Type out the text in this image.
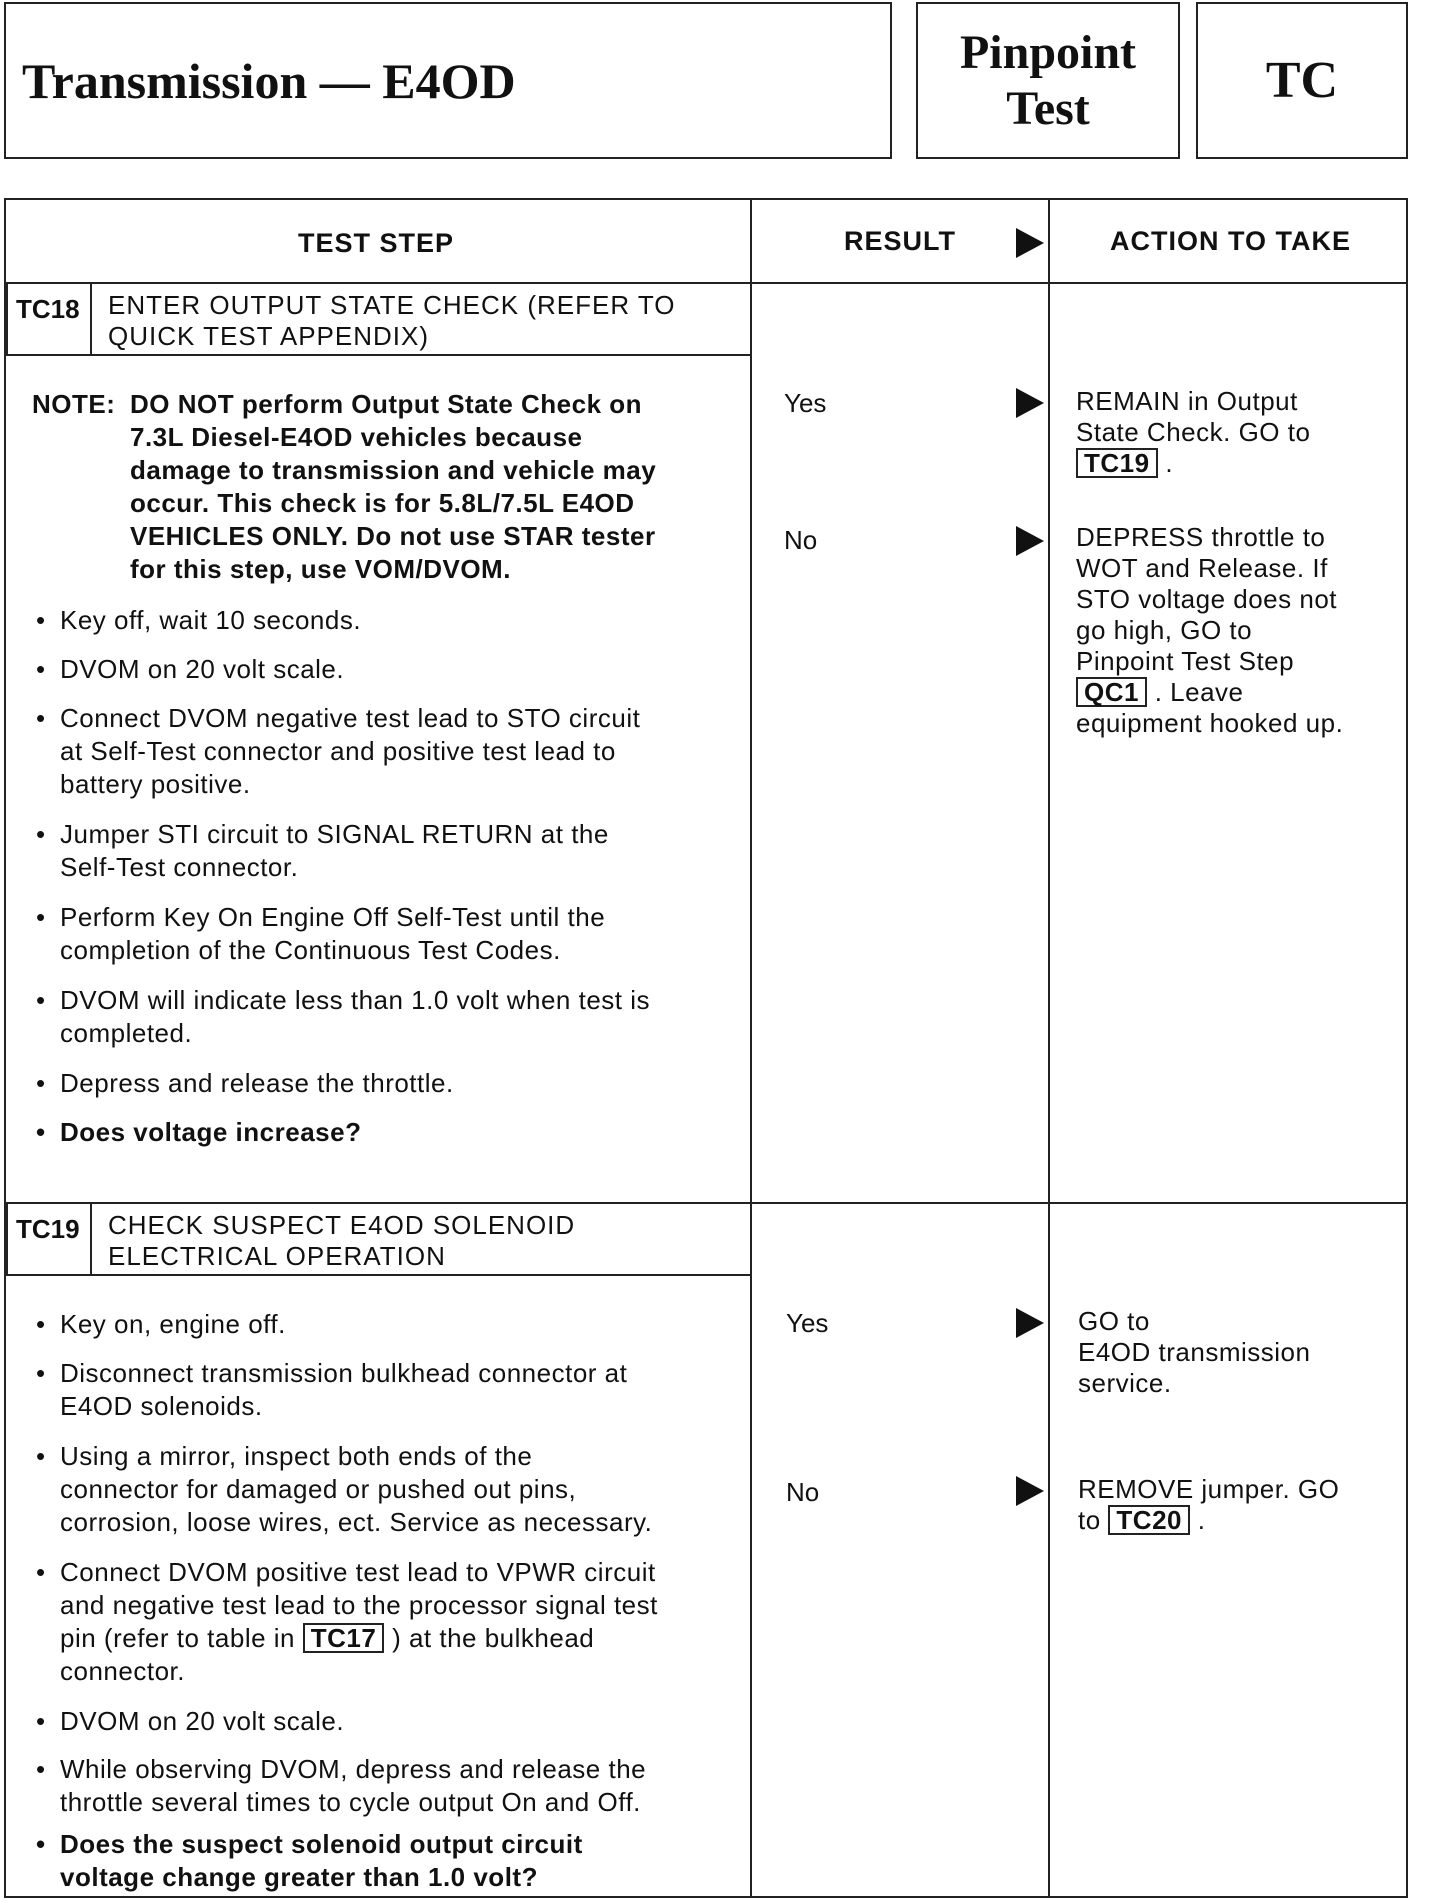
Transmission — E4OD	Pinpoint
Test	TC
TEST STEP	RESULT	ACTION TO TAKE
TC18 ENTER OUTPUT STATE CHECK (REFER TO
QUICK TEST APPENDIX)
NOTE: DO NOT perform Output State Check on
7.3L Diesel-E4OD vehicles because
damage to transmission and vehicle may
occur. This check is for 5.8L/7.5L E4OD
VEHICLES ONLY. Do not use STAR tester
for this step, use VOM/DVOM.
• Key off, wait 10 seconds.
• DVOM on 20 volt scale.
• Connect DVOM negative test lead to STO circuit
at Self-Test connector and positive test lead to
battery positive.
• Jumper STI circuit to SIGNAL RETURN at the
Self-Test connector.
• Perform Key On Engine Off Self-Test until the
completion of the Continuous Test Codes.
• DVOM will indicate less than 1.0 volt when test is
completed.
• Depress and release the throttle.
• Does voltage increase?
Yes	REMAIN in Output
State Check. GO to
TC19 .
No	DEPRESS throttle to
WOT and Release. If
STO voltage does not
go high, GO to
Pinpoint Test Step
QC1 . Leave
equipment hooked up.
TC19 CHECK SUSPECT E4OD SOLENOID
ELECTRICAL OPERATION
• Key on, engine off.
• Disconnect transmission bulkhead connector at
E4OD solenoids.
• Using a mirror, inspect both ends of the
connector for damaged or pushed out pins,
corrosion, loose wires, ect. Service as necessary.
• Connect DVOM positive test lead to VPWR circuit
and negative test lead to the processor signal test
pin (refer to table in TC17 ) at the bulkhead
connector.
• DVOM on 20 volt scale.
• While observing DVOM, depress and release the
throttle several times to cycle output On and Off.
• Does the suspect solenoid output circuit
voltage change greater than 1.0 volt?
Yes	GO to
E4OD transmission
service.
No	REMOVE jumper. GO
to TC20 .
